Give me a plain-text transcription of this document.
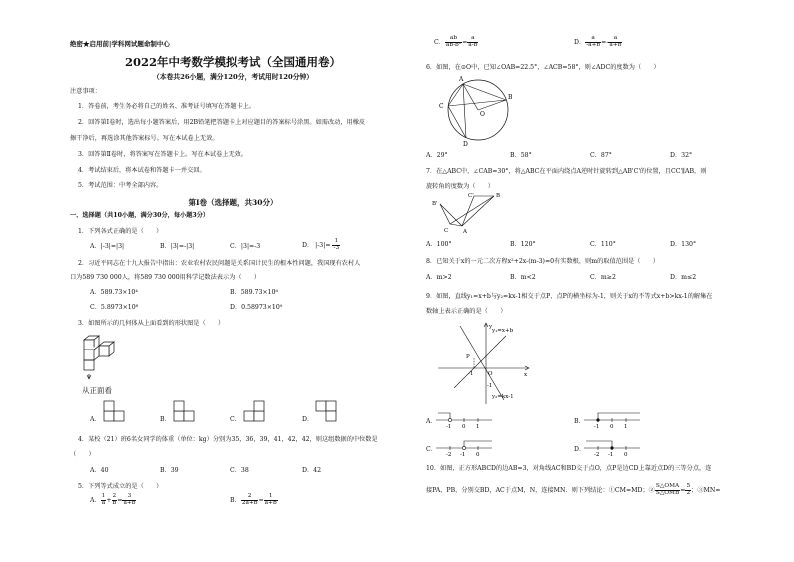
绝密★启用前|学科网试题命制中心
2022年中考数学模拟考试（全国通用卷）
（本卷共26小题，满分120分，考试用时120分钟）
注意事项：
1．答卷前，考生务必将自己的姓名、准考证号填写在答题卡上。
2．回答第Ⅰ卷时，选出每小题答案后，用2B铅笔把答题卡上对应题目的答案标号涂黑。如需改动，用橡皮
擦干净后，再选涂其他答案标号。写在本试卷上无效。
3．回答第Ⅱ卷时，将答案写在答题卡上。写在本试卷上无效。
4．考试结束后，将本试卷和答题卡一并交回。
5．考试范围：中考全部内容。
第Ⅰ卷（选择题，共30分）
一、选择题（共10小题，满分30分，每小题3分）
1．下列各式正确的是（　　）
A．|-3|=|3|	B．|3|=-|3|	C．|3|=-3	D． $|-3|= \frac{1}{-3}$
2．习近平同志在十九大报告中指出：农业农村农民问题是关系国计民生的根本性问题，我国现有农村人
口为589 730 000人，将589 730 000用科学记数法表示为（　　）
A．589.73×10⁴	B．589.73×10⁶
C．5.8973×10⁸	D．0.58973×10⁹
3．如图所示的几何体从上面看到的形状图是（　　）
从正面看
A．	B．	C．	D．
4．某校（21）班6名女同学的体重（单位：kg）分别为35，36，39，41，42，42，则这组数据的中位数是
（　　）
A．40	B．39	C．38	D．42
5．下列等式成立的是（　　）
A． $\frac{1}{a} + \frac{2}{b} = \frac{3}{a+b}$	B． $\frac{2}{2a+b} = \frac{1}{a+b}$
C． $\frac{ab}{\text{ab-b²}} = \frac{a}{a-b}$	D． $\frac{a}{-a+b} =- \frac{a}{a+b}$
6．如图，在⊙O中，已知∠OAB=22.5°，∠ACB=58°，则∠ADC的度数为（　　）
A
B
C
D
O
A．29°	B．58°	C．87°	D．32°
7．在△ABC中，∠CAB=30°，将△ABC在平面内绕点A逆时针旋转到△AB'C'的位置，且CC'∥AB，则
旋转角的度数为（　　）
C'	B
B'
C	A
A．100°	B．120°	C．110°	D．130°
8．已知关于x的一元二次方程x²+2x-(m-3)=0有实数根，则m的取值范围是（　　）
A．m>2	B．m<2	C．m≥2	D．m≤2
9．如图，直线y₁=x+b与y₂=kx-1相交于点P，点P的横坐标为-1，则关于x的不等式x+b>kx-1的解集在
数轴上表示正确的是（　　）
y₁=x+b
y₂=kx-1
P
-1	O	x
y
-1
A．
-1 0 1
B．
-1 0 1
C．
-2 -1 0
D．
-2 -1 0
10．如图，正方形ABCD的边AB=3，对角线AC和BD交于点O，点P是边CD上靠近点D的三等分点，连
接PA，PB，分别交BD，AC于点M，N，连接MN．则下列结论：①CM=MD；② $\frac{\text{S△OMA}}{\text{S△OMB}} = \frac{5}{2}$ ；③MN=
